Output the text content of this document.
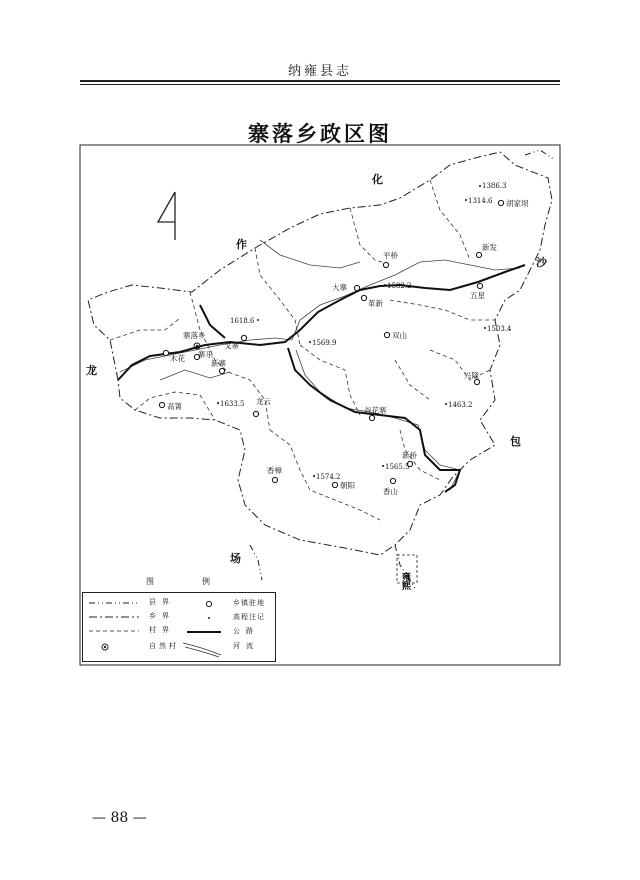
纳雍县志
寨落乡政区图
寨落乡
木花 寨乐
戈寨
新寨
高箐
龙云
平桥
大寨
革新
双山
新发
五星
胡家坝
兴隆
香樟
朝阳
谷花寨
新桥
香山
1386.3
1314.6
1582.2
1618.6
1569.9
1503.4
1633.5	1463.2
1574.2
1565.5
化
作
沙
龙
包
场
雍熙
图	例
县界	乡镇驻地
乡界	高程注记
村界	公路
自然村	河流
— 88 —
